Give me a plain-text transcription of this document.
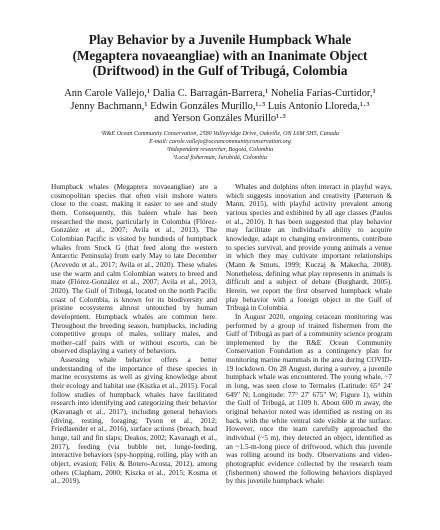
Play Behavior by a Juvenile Humpback Whale
(Megaptera novaeangliae) with an Inanimate Object
(Driftwood) in the Gulf of Tribugá, Colombia
Ann Carole Vallejo,¹ Dalia C. Barragán-Barrera,¹ Nohelia Farías-Curtidor,¹
Jenny Bachmann,¹ Edwin Gonzáles Murillo,¹·³ Luis Antonio Lloreda,¹·³
and Yerson Gonzáles Murillo¹·³
¹R&E Ocean Community Conservation, 2580 Valleyridge Drive, Oakville, ON L6M 5H5, Canada
E-mail: carole.vallejo@oceancommunityconservation.org
²Independent researcher, Bogotá, Colombia
³Local fisherman, Jurubidá, Colombia

Humpback whales (Megaptera novaeangliae) are a cosmopolitan species that often visit inshore waters close to the coast, making it easier to see and study them. Consequently, this baleen whale has been researched the most, particularly in Colombia (Flórez-González et al., 2007; Avila et al., 2013). The Colombian Pacific is visited by hundreds of humpback whales from Stock G (that feed along the western Antarctic Peninsula) from early May to late December (Acevedo et al., 2017; Avila et al., 2020). These whales use the warm and calm Colombian waters to breed and mate (Flórez-González et al., 2007; Avila et al., 2013, 2020). The Gulf of Tribugá, located on the north Pacific coast of Colombia, is known for its biodiversity and pristine ecosystems almost untouched by human development. Humpback whales are common here. Throughout the breeding season, humpbacks, including competitive groups of males, solitary males, and mother–calf pairs with or without escorts, can be observed displaying a variety of behaviors.

Assessing whale behavior offers a better understanding of the importance of these species in marine ecosystems as well as giving knowledge about their ecology and habitat use (Kiszka et al., 2015). Focal follow studies of humpback whales have facilitated research into identifying and categorizing their behavior (Kavanagh et al., 2017), including general behaviors (diving, resting, foraging; Tyson et al., 2012; Friedlaender et al., 2016), surface actions (breach, head lunge, tail and fin slaps; Deakos, 2002; Kavanagh et al., 2017), feeding (via bubble net, lunge-feeding, interactive behaviors (spy-hopping, rolling, play with an object, evasion; Félix & Botero-Acosta, 2012), among others (Clapham, 2000; Kiszka et al., 2015; Kosma et al., 2019).

Whales and dolphins often interact in playful ways, which suggests innovation and creativity (Patterson & Mann, 2015), with playful activity prevalent among various species and exhibited by all age classes (Paulos et al., 2010). It has been suggested that play behavior may facilitate an individual's ability to acquire knowledge, adapt to changing environments, contribute to species survival, and provide young animals a venue in which they may cultivate important relationships (Mann & Smuts, 1999; Kuczaj & Makecha, 2008). Nonetheless, defining what play represents in animals is difficult and a subject of debate (Burghardt, 2005). Herein, we report the first observed humpback whale play behavior with a foreign object in the Gulf of Tribugá in Colombia.

In August 2020, ongoing cetacean monitoring was performed by a group of trained fishermen from the Gulf of Tribugá as part of a community science program implemented by the R&E Ocean Community Conservation Foundation as a contingency plan for monitoring marine mammals in the area during COVID-19 lockdown. On 28 August, during a survey, a juvenile humpback whale was encountered. The young whale, ~7 m long, was seen close to Termales (Latitude: 65° 24' 649" N; Longitude: 77° 27' 675" W; Figure 1), within the Gulf of Tribugá, at 1109 h. About 600 m away, the original behavior noted was identified as resting on its back, with the white ventral side visible at the surface. However, once the team carefully approached the individual (~5 m), they detected an object, identified as an ~1.5-m-long piece of driftwood, which this juvenile was rolling around its body. Observations and video-photographic evidence collected by the research team (fishermen) showed the following behaviors displayed by this juvenile humpback whale:
